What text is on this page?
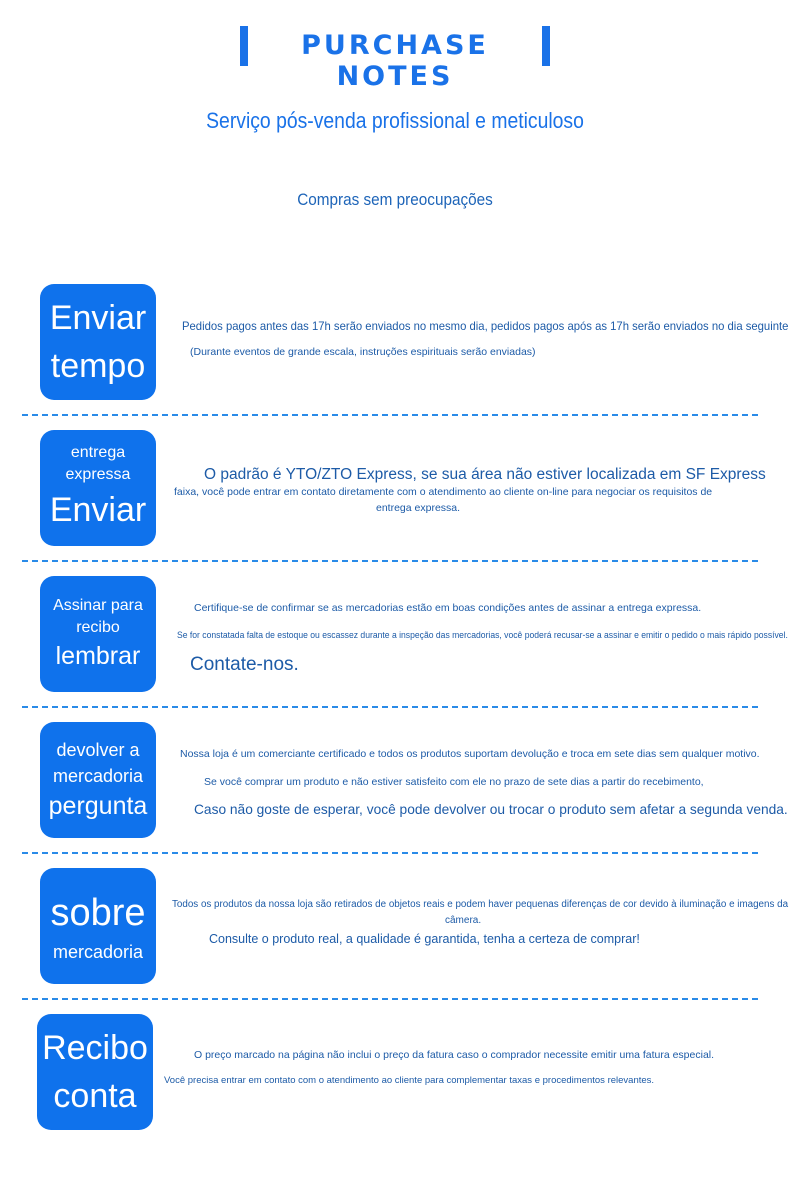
PURCHASE NOTES
Serviço pós-venda profissional e meticuloso
Compras sem preocupações
Enviar
tempo
Pedidos pagos antes das 17h serão enviados no mesmo dia, pedidos pagos após as 17h serão enviados no dia seguinte
(Durante eventos de grande escala, instruções espirituais serão enviadas)
entrega
expressa
Enviar
O padrão é YTO/ZTO Express, se sua área não estiver localizada em SF Express
faixa, você pode entrar em contato diretamente com o atendimento ao cliente on-line para negociar os requisitos de
entrega expressa.
Assinar para
recibo
lembrar
Certifique-se de confirmar se as mercadorias estão em boas condições antes de assinar a entrega expressa.
Se for constatada falta de estoque ou escassez durante a inspeção das mercadorias, você poderá recusar-se a assinar e emitir o pedido o mais rápido possível.
Contate-nos.
devolver a
mercadoria
pergunta
Nossa loja é um comerciante certificado e todos os produtos suportam devolução e troca em sete dias sem qualquer motivo.
Se você comprar um produto e não estiver satisfeito com ele no prazo de sete dias a partir do recebimento,
Caso não goste de esperar, você pode devolver ou trocar o produto sem afetar a segunda venda.
sobre
mercadoria
Todos os produtos da nossa loja são retirados de objetos reais e podem haver pequenas diferenças de cor devido à iluminação e imagens da
câmera.
Consulte o produto real, a qualidade é garantida, tenha a certeza de comprar!
Recibo
conta
O preço marcado na página não inclui o preço da fatura caso o comprador necessite emitir uma fatura especial.
Você precisa entrar em contato com o atendimento ao cliente para complementar taxas e procedimentos relevantes.
